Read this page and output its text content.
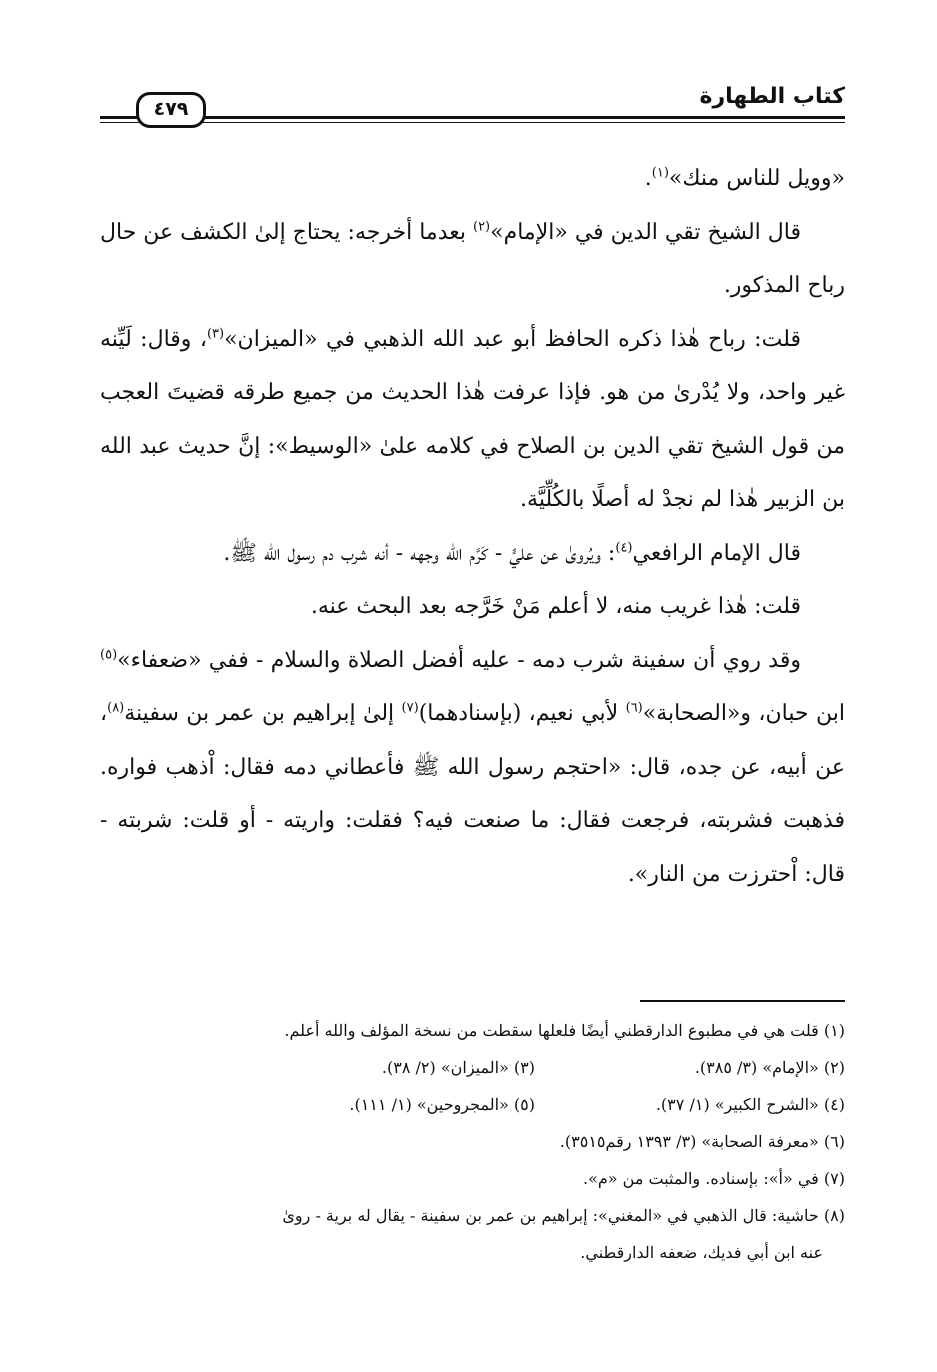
كتاب الطهارة
٤٧٩

«وويل للناس منك»$^{(١)}$.

قال الشيخ تقي الدين في «الإمام»$^{(٢)}$ بعدما أخرجه: يحتاج إلىٰ الكشف عن حال رباح المذكور.

قلت: رباح هٰذا ذكره الحافظ أبو عبد الله الذهبي في «الميزان»$^{(٣)}$، وقال: لَيِّنه غير واحد، ولا يُدْرىٰ من هو. فإذا عرفت هٰذا الحديث من جميع طرقه قضيتَ العجب من قول الشيخ تقي الدين بن الصلاح في كلامه علىٰ «الوسيط»: إنَّ حديث عبد الله بن الزبير هٰذا لم نجدْ له أصلًا بالكُلِّيَّة.

قال الإمام الرافعي$^{(٤)}$: ويُروىٰ عن عليٍّ - كَرَّم الله وجهه - أنه شرب دم رسول الله ﷺ.

قلت: هٰذا غريب منه، لا أعلم مَنْ خَرَّجه بعد البحث عنه.

وقد روي أن سفينة شرب دمه - عليه أفضل الصلاة والسلام - ففي «ضعفاء»$^{(٥)}$ ابن حبان، و«الصحابة»$^{(٦)}$ لأبي نعيم، (بإسنادهما)$^{(٧)}$ إلىٰ إبراهيم بن عمر بن سفينة$^{(٨)}$، عن أبيه، عن جده، قال: «احتجم رسول الله ﷺ فأعطاني دمه فقال: اْذهب فواره. فذهبت فشربته، فرجعت فقال: ما صنعت فيه؟ فقلت: واريته - أو قلت: شربته - قال: اْحترزت من النار».

(١) قلت هي في مطبوع الدارقطني أيضًا فلعلها سقطت من نسخة المؤلف والله أعلم.

(٢) «الإمام» (٣/ ٣٨٥).
(٣) «الميزان» (٢/ ٣٨).
(٤) «الشرح الكبير» (١/ ٣٧).
(٥) «المجروحين» (١/ ١١١).

(٦) «معرفة الصحابة» (٣/ ١٣٩٣ رقم٣٥١٥).

(٧) في «أ»: بإسناده. والمثبت من «م».

(٨) حاشية: قال الذهبي في «المغني»: إبراهيم بن عمر بن سفينة - يقال له برية - روىٰ

عنه ابن أبي فديك، ضعفه الدارقطني.
